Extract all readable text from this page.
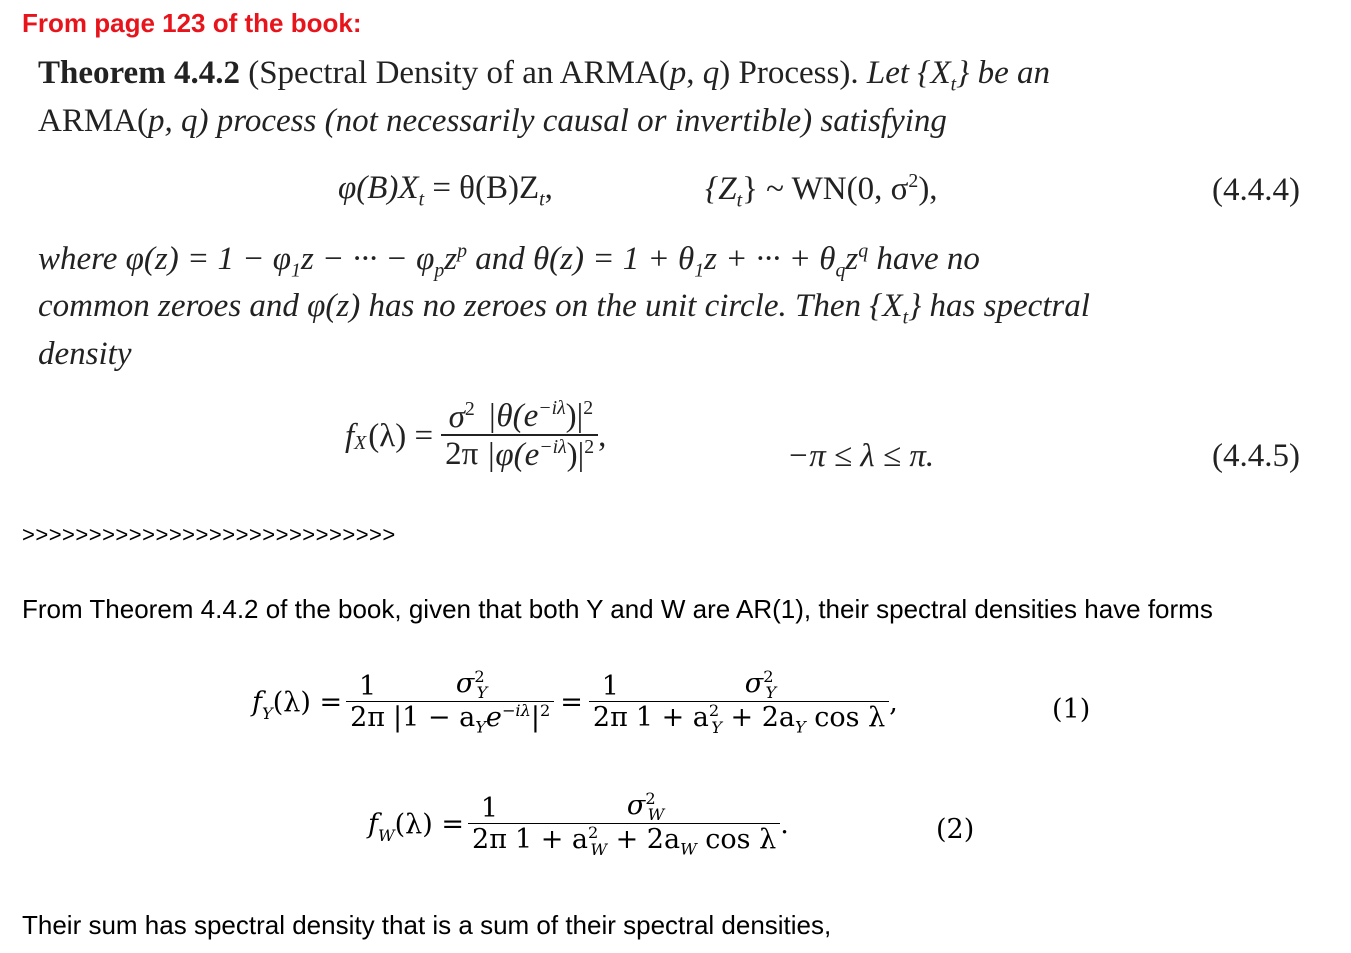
From page 123 of the book:
Theorem 4.4.2 (Spectral Density of an ARMA(p, q) Process). Let $\{X_t\}$ be an
ARMA(p, q) process (not necessarily causal or invertible) satisfying
$\varphi(B)X_t = \theta(B)Z_t$,	$\{Z_t\}$ ~ WN(0, $\sigma^2$),	(4.4.4)
where $\varphi(z) = 1 - \varphi_1z$ − ··· − $\varphi_pz^p$ and $\theta(z) = 1 + \theta_1z$ + ··· + $\theta_qz^q$ have no
common zeroes and φ(z) has no zeroes on the unit circle. Then $\{X_t\}$ has spectral
density
$f_X$ $(\lambda) = \frac{\sigma^2}{2\pi} \frac{|\theta(e^{-i\lambda})|^2}{|\varphi(e^{-i\lambda})|^2}$ ,
−π ≤ λ ≤ π.	(4.4.5)
>>>>>>>>>>>>>>>>>>>>>>>>>>>>
From Theorem 4.4.2 of the book, given that both Y and W are AR(1), their spectral densities have forms
$f_Y$ $(\lambda) = \frac{1}{2\pi} \frac{\sigma^2_Y}{|1 - a_Ye^{-i\lambda}|^2} = \frac{1}{2\pi} \frac{\sigma^2_Y}{1 + a^2_Y + 2a_Y \cos \lambda}$ ,	(1)
$f_W$ $(\lambda) = \frac{1}{2\pi} \frac{\sigma^2_W}{1 + a^2_W + 2a_W \cos \lambda}$ .	(2)
Their sum has spectral density that is a sum of their spectral densities,
